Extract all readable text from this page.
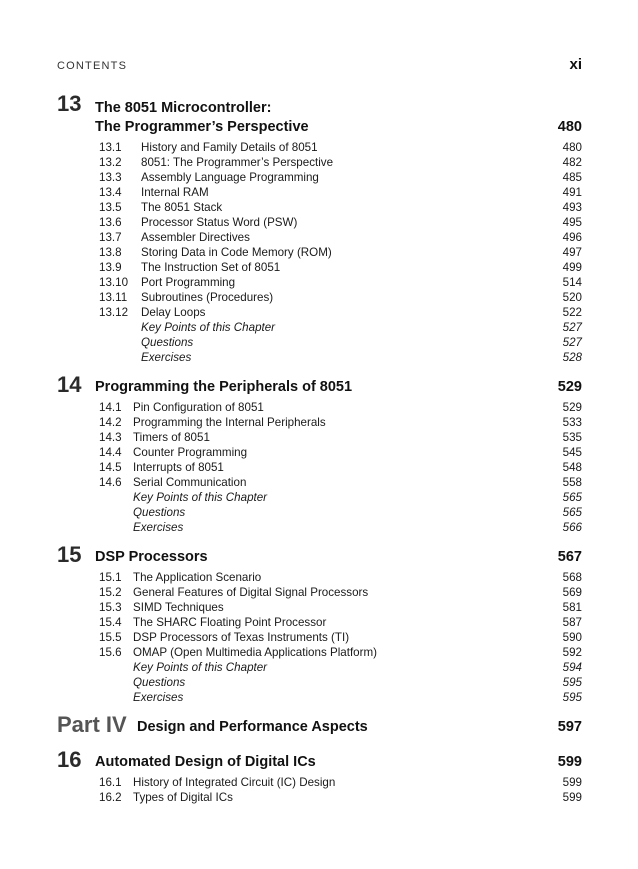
CONTENTS	xi
13 The 8051 Microcontroller:
The Programmer’s Perspective	480
13.1 History and Family Details of 8051	480
13.2 8051: The Programmer’s Perspective	482
13.3 Assembly Language Programming	485
13.4 Internal RAM	491
13.5 The 8051 Stack	493
13.6 Processor Status Word (PSW)	495
13.7 Assembler Directives	496
13.8 Storing Data in Code Memory (ROM)	497
13.9 The Instruction Set of 8051	499
13.10 Port Programming	514
13.11 Subroutines (Procedures)	520
13.12 Delay Loops	522
Key Points of this Chapter	527
Questions	527
Exercises	528
14 Programming the Peripherals of 8051	529
14.1 Pin Configuration of 8051	529
14.2 Programming the Internal Peripherals	533
14.3 Timers of 8051	535
14.4 Counter Programming	545
14.5 Interrupts of 8051	548
14.6 Serial Communication	558
Key Points of this Chapter	565
Questions	565
Exercises	566
15 DSP Processors	567
15.1 The Application Scenario	568
15.2 General Features of Digital Signal Processors	569
15.3 SIMD Techniques	581
15.4 The SHARC Floating Point Processor	587
15.5 DSP Processors of Texas Instruments (TI)	590
15.6 OMAP (Open Multimedia Applications Platform)	592
Key Points of this Chapter	594
Questions	595
Exercises	595
Part IV Design and Performance Aspects	597
16 Automated Design of Digital ICs	599
16.1 History of Integrated Circuit (IC) Design	599
16.2 Types of Digital ICs	599
